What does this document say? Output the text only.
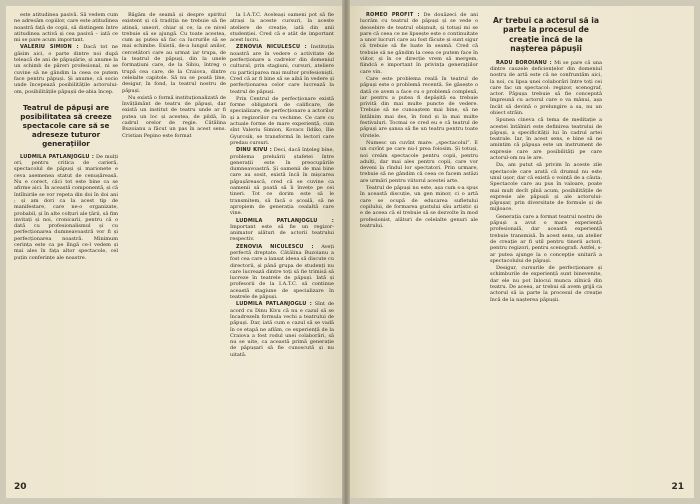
este atitudinea pasivă. Să vedem cum ne adresăm copiilor, care este atitudinea noastră față de copii, să distingem între atitudinea activă și cea pasivă – iată ce mi se pare acum important.

VALERIU SIMION : Dacă tot ne găsim aici, o parte dintre noi după teleacă de ani de păpușărie, și anume la un schimb de păreri profesional, ni se cuvine să ne gândim la ceea ce putem face pentru păpuși. Și anume, că socio unde începează posibilitățile actorului-om, posibilitățile păpușii de-abia încep.

Teatrul de păpuși are posibilitatea să creeze spectacole care să se adreseze tuturor generațiilor

LUDMILA PATLANJOGLU : De mulți ori, pentru critica de carieră, spectacolul de păpuși și marionete e ceva asemenea statut de cenușăreasă. Nu e corect, căci tot este bine ca se afirme aici. În această componentă, și că întîlnirile se vor repeta din doi în doi ani ; și am dori ca la acest tip de manifestare, care ne-o organizate, probabil, și în alte colțuri ale țării, să fim invitați și noi, cronicarii, pentru că o dată cu profesionalismul și cu perfecționarea dumneavoastră vor fi și perfecționarea noastră. Minimum cerința este ca pe lîngă ce-l vedem și mai ales în fața altor spectacole, cel puțin conferințe ale noastre.

Băgăm de seamă și despre spiritul existent și că tradiția ne trebuie să fie atinsă, uneori, chiar și ce, la ce nivel trebuie să se ajungă. Cu toate acestea, cum aș putea să fac ca lucrurile să se mai schimbe. Există, de-a lungul anilor, cercetători care au urmat iar trupa, de la teatrul de păpuși, din la unele formațiuni care, de la Sibiu, întreg o trupă cea care, de la Craiova, dintre celelalte capitole. Să nu se poată ține, desigur, în fond, la teatrul nostru de păpuși.

Nu există o formă instituționalizată de învățământ de teatru de păpuși, dar există un institut de teatru unde ar fi putea un loc și acestea, de pildă, în cadrul orelor de regie. Cătălina Buzoianu a făcut un pas în acest sens. Cristian Pepino este format

la I.A.T.C. Aceleași oameni pot să fie atrași la aceste cursuri, la aceste ateliere de creație, iată din anii studenției. Cred că e atât de important acest lucru.

ZENOVIA NICULESCU : Instituția noastră are în vedere o activitate de perfecționare a cadrelor din domeniul cultural, prin stagiuni, cursuri, ateliere cu participarea mai multor profesioniști. Cred că ar fi bine să se aibă în vedere și perfecționarea celor care lucrează la teatrul de păpuși.

Prin Centrul de perfecționare există forme obligatorii de calificare, de specializare, de perfecționare a actorilor și a regizorilor cu vechime. Ce care cu actuale forme de mare experiență, cum sînt Valeriu Simion, Kovacs Ildiko, Ilie Gyurcsik, se transformă în lectori care predau cursuri.

DINU KIVU : Deci, dacă înțeleg bine, problema preluării ștafetei între generații este în preocupările dumneavoastră. Și oamenii de mai bine care au sosit, există încă în mișcarea păpușărească, cred că se cuvine ca oamenii să poată să îi învețe pe cei tineri. Tot ce dorim este să le transmitem, să facă o școală, să ne apropiem de generația cealaltă care vine.

LUDMILA PATLANJOGLU : Important este să fie un regizor-animator alături de actorii teatrului respectiv.

ZENOVIA NICULESCU : Aveți perfectă dreptate. Cătălina Buzoianu a fost cea care a lansat ideea să discute cu directorii, și până grupa de studenți nu care lucrează dintre toți să fie trimisă să lucreze în teatrele de păpuși. Iată și profesorii de la I.A.T.C. să continue această stagiune de specializare în teatrele de păpuși.

LUDMILA PATLANJOGLU : Sînt de acord cu Dinu Kivu că nu e cazul să se încadrezeîn formula vechi a teatrului de păpuși. Dar, iată cum e cazul să se vadă în ce etapă ne aflăm, ce experiență de la Craiova a fost rodul unei colaborări, să nu se uite, ca această primă generație de păpușari să fie cunoscută și nu uitată.

20

ROMEO PROFIT : De douăzeci de ani lucrăm cu teatrul de păpuși și se vede o deosebire de teatrul obișnuit, și totuși mi se pare că ceea ce ne lipsește este o continuitate a unor lucruri care au fost făcute și sunt sigur că trebuie să fie luate în seamă. Cred că trebuie să ne gândim la ceea ce putem face în viitor, și în ce direcție vrem să mergem, fiindcă e important în privința generațiilor care vin.

Care este problema reală în teatrul de păpuși este o problemă recentă. Se găsește o dată ce avem a face cu o problemă complexă, iar pentru a putea fi depășită ea trebuie privită din mai multe puncte de vedere. Trebuie să ne cunoaștem mai bine, să ne întâlnim mai des, în fond și la mai multe festivaluri. Tocmai ce cred eu e că teatrul de păpuși are șansa să fie un teatru pentru toate vîrstele.

Numesc un cuvînt mare: „spectacolul”. E un cuvînt pe care nu-l prea folosim. Și totuși, noi creăm spectacole pentru copii, pentru adulți, dar mai ales pentru copii, care vor deveni la rîndul lor spectatori. Prin urmare, trebuie să ne gândim că ceea ce facem astăzi are urmări pentru viitorul acestei arte.

Teatrul de păpuși nu este, așa cum s-a spus în această discuție, un gen minor, ci o artă care se ocupă de educarea sufletului copilului, de formarea gustului său artistic și e de aceea că el trebuie să se dezvolte în mod profesionist, alături de celelalte genuri ale teatrului.

Ar trebui ca actorul să ia parte la procesul de creație încă de la nașterea păpușii

RADU BOROIANU : Mi se pare că una dintre cauzele deficiențelor din domeniul nostru de artă este că ne confruntăm aici, la noi, cu lipsa unei colaborări între toți cei care fac un spectacol: regizor, scenograf, actor. Păpușa trebuie să fie concepută împreună cu actorul care o va mânui, așa încât să devină o prelungire a sa, nu un obiect străin.

Spunea cineva că tema de meditație a acestei întâlniri este definirea teatrului de păpuși, a specificității lui în cadrul artei teatrale. Iar, în acest sens, e bine să ne amintim că păpușa este un instrument de expresie care are posibilități pe care actorul-om nu le are.

Da, am putut să privim în aceste zile spectacole care arată că drumul nu este unul ușor, dar că există o voință de a căuta. Spectacole care au pus în valoare, poate mai mult decît pînă acum, posibilitățile de expresie ale păpușii și ale actorului-păpușar, prin diversitate de formule și de mijloace.

Generația care a format teatrul nostru de păpuși a avut o mare experiență profesională, dar această experiență trebuie transmisă. În acest sens, un atelier de creație ar fi util pentru tinerii actori, pentru regizori, pentru scenografi. Astfel, s-ar putea ajunge la o concepție unitară a spectacolului de păpuși.

Desigur, cursurile de perfecționare și schimburile de experiență sunt binevenite, dar ele nu pot înlocui munca zilnică din teatru. De aceea, ar trebui să avem grijă ca actorul să ia parte la procesul de creație încă de la nașterea păpușii.

21
